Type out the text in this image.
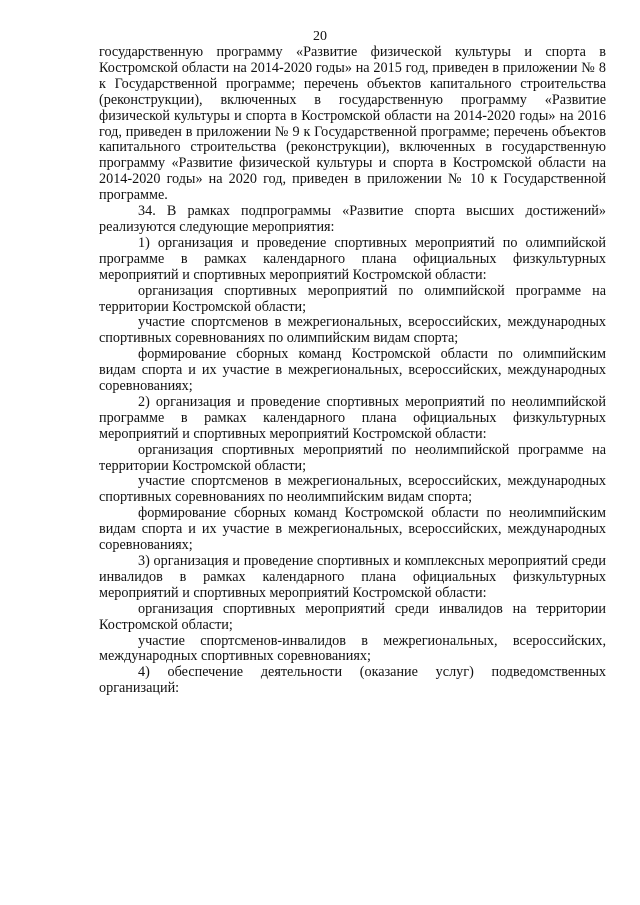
20

государственную программу «Развитие физической культуры и спорта в Костромской области на 2014-2020 годы» на 2015 год, приведен в приложении № 8 к Государственной программе; перечень объектов капитального строительства (реконструкции), включенных в государственную программу «Развитие физической культуры и спорта в Костромской области на 2014-2020 годы» на 2016 год, приведен в приложении № 9 к Государственной программе; перечень объектов капитального строительства (реконструкции), включенных в государственную программу «Развитие физической культуры и спорта в Костромской области на 2014-2020 годы» на 2020 год, приведен в приложении № 10 к Государственной программе.

34. В рамках подпрограммы «Развитие спорта высших достижений» реализуются следующие мероприятия:

1) организация и проведение спортивных мероприятий по олимпийской программе в рамках календарного плана официальных физкультурных мероприятий и спортивных мероприятий Костромской области:

организация спортивных мероприятий по олимпийской программе на территории Костромской области;

участие спортсменов в межрегиональных, всероссийских, международных спортивных соревнованиях по олимпийским видам спорта;

формирование сборных команд Костромской области по олимпийским видам спорта и их участие в межрегиональных, всероссийских, международных соревнованиях;

2) организация и проведение спортивных мероприятий по неолимпийской программе в рамках календарного плана официальных физкультурных мероприятий и спортивных мероприятий Костромской области:

организация спортивных мероприятий по неолимпийской программе на территории Костромской области;

участие спортсменов в межрегиональных, всероссийских, международных спортивных соревнованиях по неолимпийским видам спорта;

формирование сборных команд Костромской области по неолимпийским видам спорта и их участие в межрегиональных, всероссийских, международных соревнованиях;

3) организация и проведение спортивных и комплексных мероприятий среди инвалидов в рамках календарного плана официальных физкультурных мероприятий и спортивных мероприятий Костромской области:

организация спортивных мероприятий среди инвалидов на территории Костромской области;

участие спортсменов-инвалидов в межрегиональных, всероссийских, международных спортивных соревнованиях;

4) обеспечение деятельности (оказание услуг) подведомственных организаций:
